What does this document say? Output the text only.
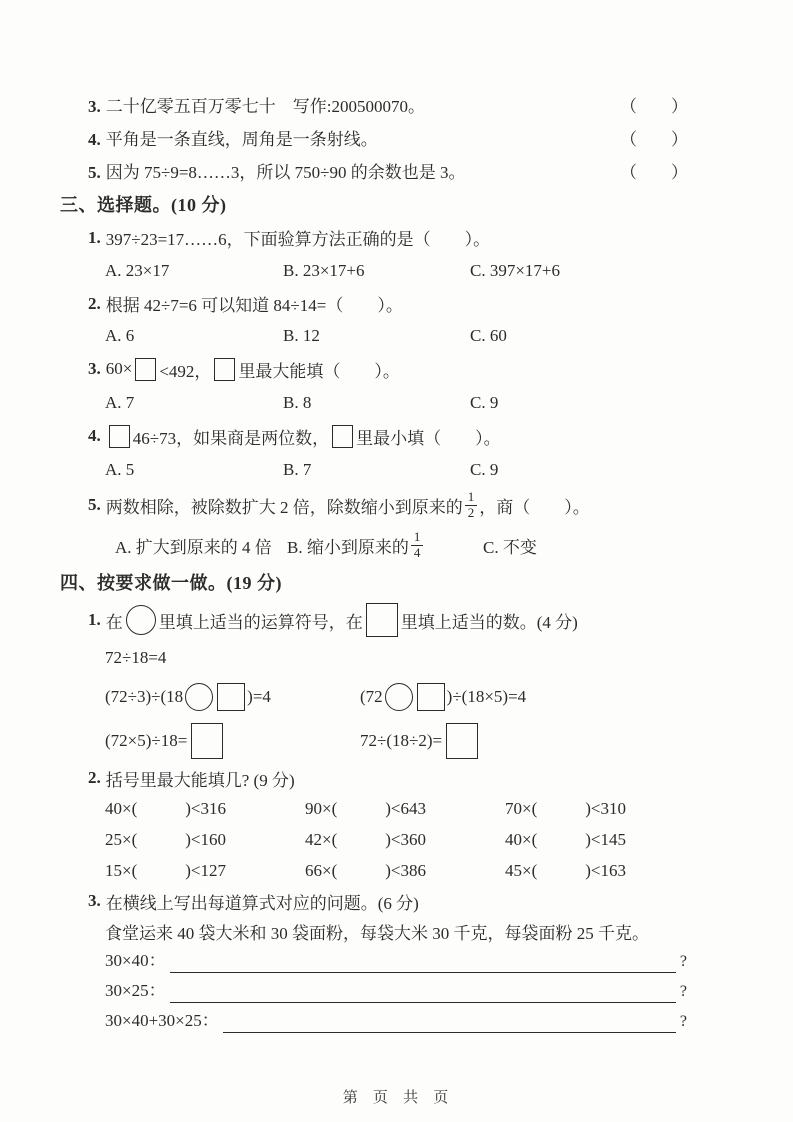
3. 二十亿零五百万零七十　写作:200500070。	（　　）
4. 平角是一条直线，周角是一条射线。	（　　）
5. 因为 75÷9=8……3，所以 750÷90 的余数也是 3。	（　　）
三、选择题。(10 分)
1. 397÷23=17……6，下面验算方法正确的是（　　）。
A. 23×17	B. 23×17+6	C. 397×17+6
2. 根据 42÷7=6 可以知道 84÷14=（　　）。
A. 6	B. 12	C. 60
3. 60× <492， 里最大能填（　　）。
A. 7	B. 8	C. 9
4. 46÷73，如果商是两位数， 里最小填（　　）。
A. 5	B. 7	C. 9
5. 两数相除，被除数扩大 2 倍，除数缩小到原来的 $\frac{1}{2}$ ，商（　　）。
A. 扩大到原来的 4 倍 B. 缩小到原来的 $\frac{1}{4}$	C. 不变
四、按要求做一做。(19 分)
1. 在 里填上适当的运算符号，在 里填上适当的数。(4 分)
72÷18=4
(72÷3)÷(18	)=4	(72	)÷(18×5)=4
(72×5)÷18=	72÷(18÷2)=
2. 括号里最大能填几? (9 分)
40×(	)<316	90×(	)<643	70×(	)<310
25×(	)<160	42×(	)<360	40×(	)<145
15×(	)<127	66×(	)<386	45×(	)<163
3. 在横线上写出每道算式对应的问题。(6 分)
食堂运来 40 袋大米和 30 袋面粉，每袋大米 30 千克，每袋面粉 25 千克。
30×40：	?
30×25：	?
30×40+30×25：	?
第 页 共 页
